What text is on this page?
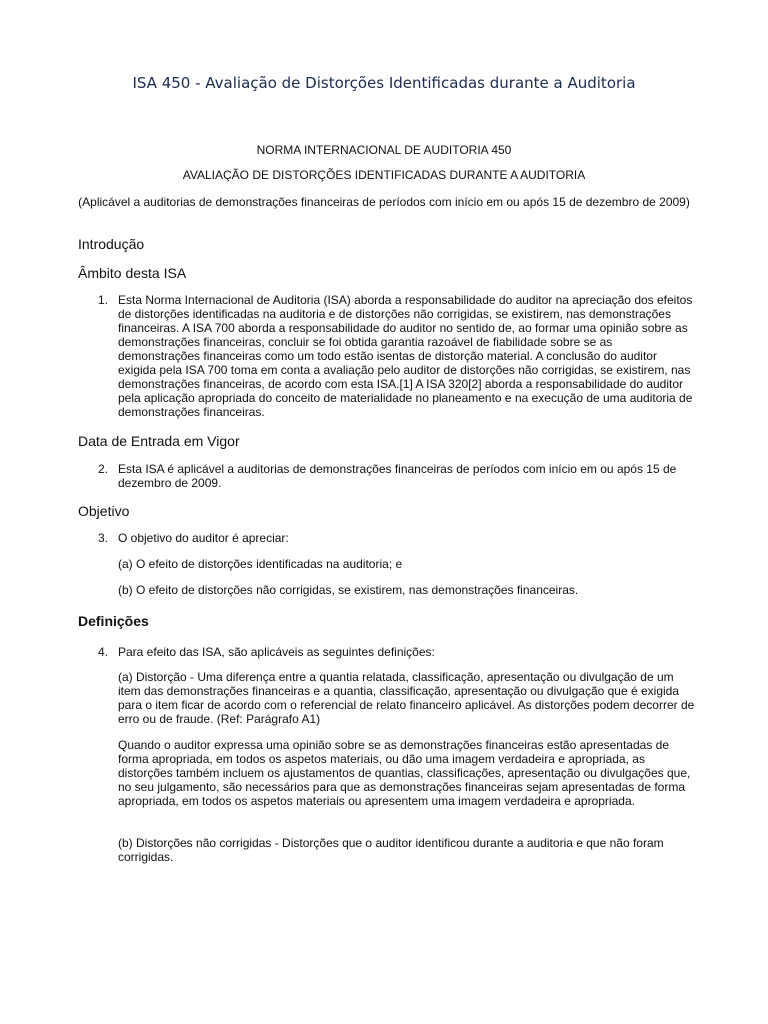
ISA 450 - Avaliação de Distorções Identificadas durante a Auditoria
NORMA INTERNACIONAL DE AUDITORIA 450
AVALIAÇÃO DE DISTORÇÕES IDENTIFICADAS DURANTE A AUDITORIA
(Aplicável a auditorias de demonstrações financeiras de períodos com início em ou após 15 de dezembro de 2009)
Introdução
Âmbito desta ISA
1. Esta Norma Internacional de Auditoria (ISA) aborda a responsabilidade do auditor na apreciação dos efeitos de distorções identificadas na auditoria e de distorções não corrigidas, se existirem, nas demonstrações financeiras. A ISA 700 aborda a responsabilidade do auditor no sentido de, ao formar uma opinião sobre as demonstrações financeiras, concluir se foi obtida garantia razoável de fiabilidade sobre se as demonstrações financeiras como um todo estão isentas de distorção material. A conclusão do auditor exigida pela ISA 700 toma em conta a avaliação pelo auditor de distorções não corrigidas, se existirem, nas demonstrações financeiras, de acordo com esta ISA.[1] A ISA 320[2] aborda a responsabilidade do auditor pela aplicação apropriada do conceito de materialidade no planeamento e na execução de uma auditoria de demonstrações financeiras.
Data de Entrada em Vigor
2. Esta ISA é aplicável a auditorias de demonstrações financeiras de períodos com início em ou após 15 de dezembro de 2009.
Objetivo
3. O objetivo do auditor é apreciar:
(a) O efeito de distorções identificadas na auditoria; e
(b) O efeito de distorções não corrigidas, se existirem, nas demonstrações financeiras.
Definições
4. Para efeito das ISA, são aplicáveis as seguintes definições:
(a) Distorção - Uma diferença entre a quantia relatada, classificação, apresentação ou divulgação de um item das demonstrações financeiras e a quantia, classificação, apresentação ou divulgação que é exigida para o item ficar de acordo com o referencial de relato financeiro aplicável. As distorções podem decorrer de erro ou de fraude. (Ref: Parágrafo A1)
Quando o auditor expressa uma opinião sobre se as demonstrações financeiras estão apresentadas de forma apropriada, em todos os aspetos materiais, ou dão uma imagem verdadeira e apropriada, as distorções também incluem os ajustamentos de quantias, classificações, apresentação ou divulgações que, no seu julgamento, são necessários para que as demonstrações financeiras sejam apresentadas de forma apropriada, em todos os aspetos materiais ou apresentem uma imagem verdadeira e apropriada.
(b) Distorções não corrigidas - Distorções que o auditor identificou durante a auditoria e que não foram corrigidas.
